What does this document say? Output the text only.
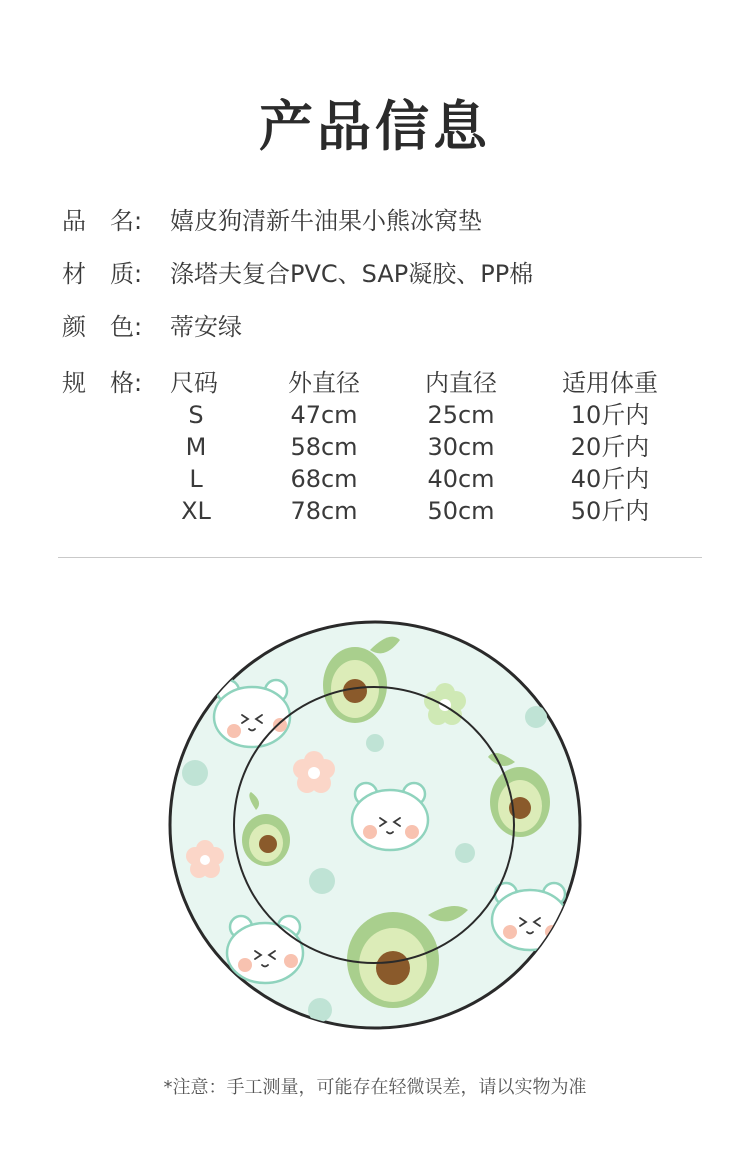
产品信息
品　名: 嬉皮狗清新牛油果小熊冰窝垫
材　质: 涤塔夫复合PVC、SAP凝胶、PP棉
颜　色: 蒂安绿
规　格:	尺码	外直径	内直径	适用体重
S	47cm	25cm	10斤内
M	58cm	30cm	20斤内
L	68cm	40cm	40斤内
XL	78cm	50cm	50斤内
*注意：手工测量，可能存在轻微误差，请以实物为准
